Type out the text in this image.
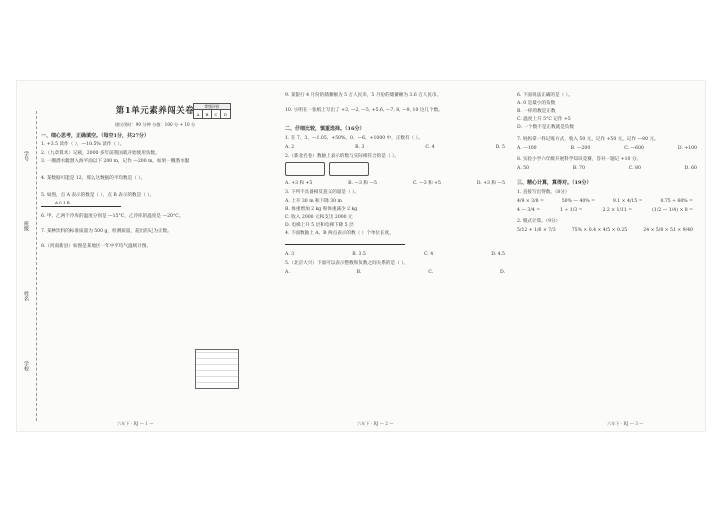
学号
班级
姓名
学校
第1单元素养闯关卷
建议用时：90 分钟 分值：100 分 + 10 分
一、细心思考，正确填空。（每空1分，共27分）
1. +3.5 读作（ ），—10.5% 读作（ ）。
2.（九章算术）记载，2000 多年前我国就开始使用负数。
3. 一艘潜水艇潜入海平面以下 200 m，记作 —200 m，如果一艘潜水艇
4. 某数据可能是 12，那么这数据的平均数是（ ）。
5. 如图，点 A 表示的数是（ ），点 B 表示的数是（ ）。
A 0 1 B
6. 甲、乙两个冷库的温度分别是 —15°C，乙冷库的温度是 —20°C。
7. 某种饮料的标准质量为 500 g，检测质量，超出的记为正数。
8.（河南新县）如图是某地区一年中平均气温统计图。
等级评价
A	B	C	D
六年下 · RJ — 1 —
9. 某银行 4 月份的储蓄额为 5 万人民币，5 月份的储蓄额为 3.6 万人民币。
10. 小明在一张纸上写出了 +3, —2, —5, +5.6, —7, 8, —9, 10 这几个数。
二、仔细比较，慎重选择。（16分）
1. 在 7、3、—1.05、+50%、0、—6、+1000 中，正数有（ ）。
A. 2	B. 3	C. 4	D. 5
2.（新北名卷）数轴上表示的数与实际相符合的是（ ）。
A. +3 和 +5	B. —3 和 —5	C. —3 和 +5	D. +3 和 —5
3. 下列不具备相反意义的量是（ ）。
A. 上升 30 m 和下降 30 m
B. 体重增加 2 kg 和体重减少 2 kg
C. 收入 2000 元和支出 2000 元
D. 电梯上升 5 层和电梯下降 5 层
4. 下面数轴上 A、B 两点表示的数（ ）个单位长度。
A. 3	B. 3.5	C. 4	D. 4.5
5.（北京大兴）下面可以表示整数和负数之间关系的是（ ）。
A.	B.	C.	D.
六年下 · RJ — 2 —
6. 下面说法正确的是（ ）。
A. 0 是最小的负数
B. 一样的数是正数
C. 温度上升 5°C 记作 +5
D. 一个数不是正数就是负数
7. 妈妈拿一样记账方式，收入 50 元，记作 +50 元，记作 —80 元。
A. —100	B. —200	C. —600	D. +100
8. 实验小学六年级开展科学知识竞赛，答对一题记 +10 分。
A. 50	B. 70	C. 80	D. 60
三、精心计算，算得对。（19分）
1. 直接写出得数。（8分）
4/9 × 3/8 =	50% — 40% =	9.1 × 4/15 =	0.75 ÷ 60% =
4 — 3/4 =	1 ÷ 1/3 =	2.2 × 1/11 =	(1/2 — 1/4) × 8 =
2. 脱式计算。（9分）
5/12 + 1/6 × 7/3	75% × 0.4 × 4/5 × 0.25	24 × 5/8 × 51 × 9/40
六年下 · RJ — 3 —
